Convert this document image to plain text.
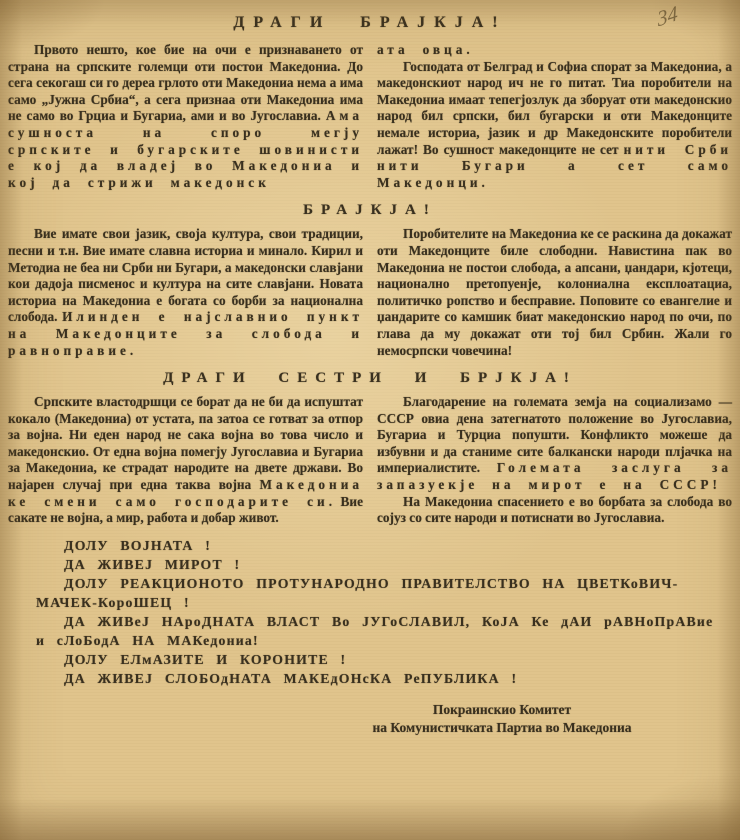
34
ДРАГИ БРАЈКЈА!

Првото нешто, кое бие на очи е признаването от страна на српските големци оти постои Македониа. До сега секогаш си го дереа грлото оти Македониа нема а има само „Јужна Србиа“, а сега признаа оти Македониа има не само во Грциа и Бугариа, ами и во Југославиа. Ама сушноста на споро мегју српските и бугарските шовинисти е кој да владеј во Македониа и кој да стрижи македонск

ата овца.

Господата от Белград и Софиа спорат за Македониа, а македонскиот народ ич не го питат. Тиа поробители на Македониа имаат тепегјозлук да зборуат оти македонскио народ бил српски, бил бугарски и оти Македонците немале историа, јазик и др Македонските поробители лажат! Во сушност македонците не сет нити Срби нити Бугари а сет само Македонци.

БРАЈКЈА!

Вие имате свои јазик, своја култура, свои традиции, песни и т.н. Вие имате славна историа и минало. Кирил и Методиа не беа ни Срби ни Бугари, а македонски славјани кои дадоја писменос и култура на сите славјани. Новата историа на Македониа е богата со борби за национална слобода. Илинден е најславнио пункт на Македонците за слобода и равноправие.

Поробителите на Македониа ке се раскина да докажат оти Македонците биле слободни. Навистина пак во Македониа не постои слобода, а апсани, џандари, кјотеци, национално претопуенје, колониална експлоатациа, политичко ропство и бесправие. Поповите со евангелие и џандарите со камшик биат македонскио народ по очи, по глава да му докажат оти тој бил Србин. Жали го немосрпски човечина!

ДРАГИ СЕСТРИ И БРЈКЈА!

Српските властодршци се борат да не би да испуштат кокало (Македониа) от устата, па затоа се готват за отпор за војна. Ни еден народ не сака војна во това число и македонскио. От една војна помегју Југославиа и Бугариа за Македониа, ке страдат народите на двете држави. Во најарен случај при една таква војна Македониа ке смени само господарите си. Вие сакате не војна, а мир, работа и добар живот.

Благодарение на големата земја на социализамо — СССР овиа дена затегнатото положение во Југославиа, Бугариа и Турциа попушти. Конфликто можеше да избувни и да станиме сите балкански народи плјачка на империалистите. Големата заслуга за запазуекје на мирот е на СССР!

На Македониа спасението е во борбата за слобода во сојуз со сите народи и потиснати во Југославиа.

ДОЛУ ВОЈНАТА !
ДА ЖИВЕЈ МИРОТ !
ДОЛУ РЕАКЦИОНОТО ПРОТУНАРОДНО ПРАВИТЕЛСТВО НА ЦВЕТКоВИЧ-МАЧЕК-КороШЕЦ !
ДА ЖИВеЈ НАроДНАТА ВЛАСТ Во ЈУГоСЛАВИЛ, КоЈА Ке дАИ рАВНоПрАВие и сЛоБодА НА МАКедониа!
ДОЛУ ЕЛмАЗИТЕ И КОРОНИТЕ !
ДА ЖИВЕЈ СЛОБОдНАТА МАКЕдОНсКА РеПУБЛИКА !
Покраинскио Комитет
на Комунистичката Партиа во Македониа
